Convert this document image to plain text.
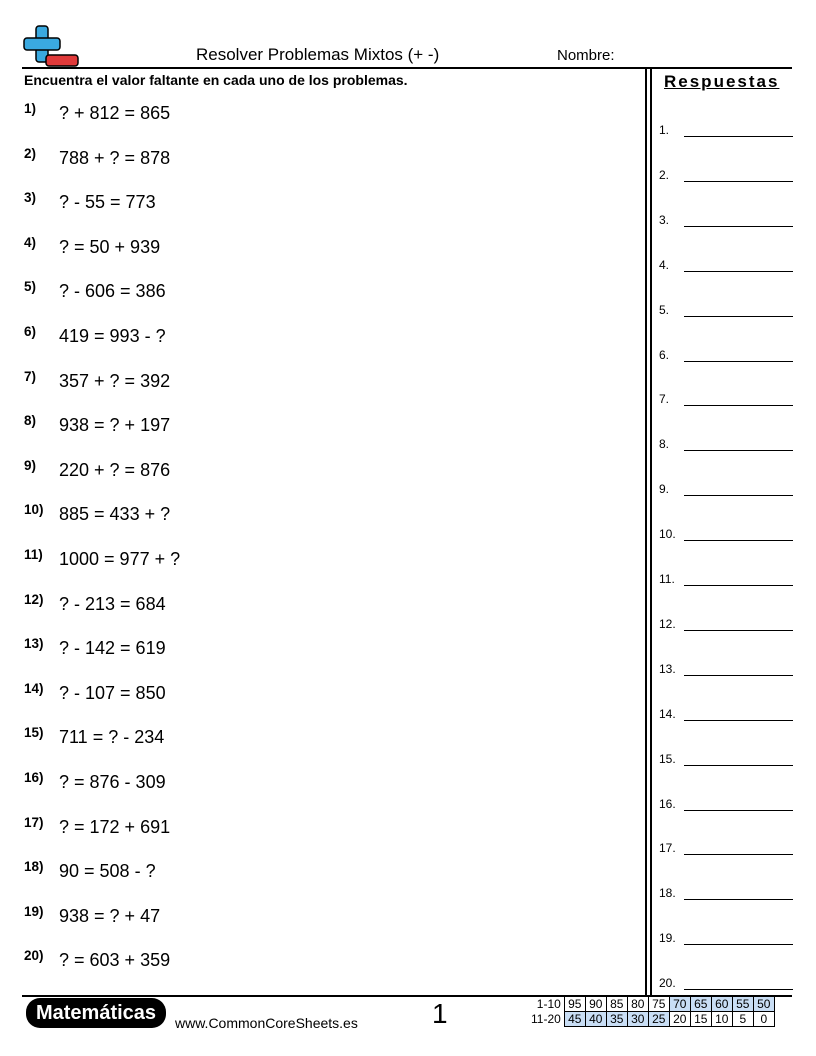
Resolver Problemas Mixtos (+ -)	Nombre:
Encuentra el valor faltante en cada uno de los problemas.	Respuestas
1)	? + 812 = 865
2)	788 + ? = 878
3)	? - 55 = 773
4)	? = 50 + 939
5)	? - 606 = 386
6)	419 = 993 - ?
7)	357 + ? = 392
8)	938 = ? + 197
9)	220 + ? = 876
10) 885 = 433 + ?
11) 1000 = 977 + ?
12) ? - 213 = 684
13) ? - 142 = 619
14) ? - 107 = 850
15) 711 = ? - 234
16) ? = 876 - 309
17) ? = 172 + 691
18) 90 = 508 - ?
19) 938 = ? + 47
20) ? = 603 + 359
1.
2.
3.
4.
5.
6.
7.
8.
9.
10.
11.
12.
13.
14.
15.
16.
17.
18.
19.
20.
Matemáticas	www.CommonCoreSheets.es	1	1-10	95	90	85	80	75	70	65	60	55	50
11-20	45	40	35	30	25	20	15	10	5	0
